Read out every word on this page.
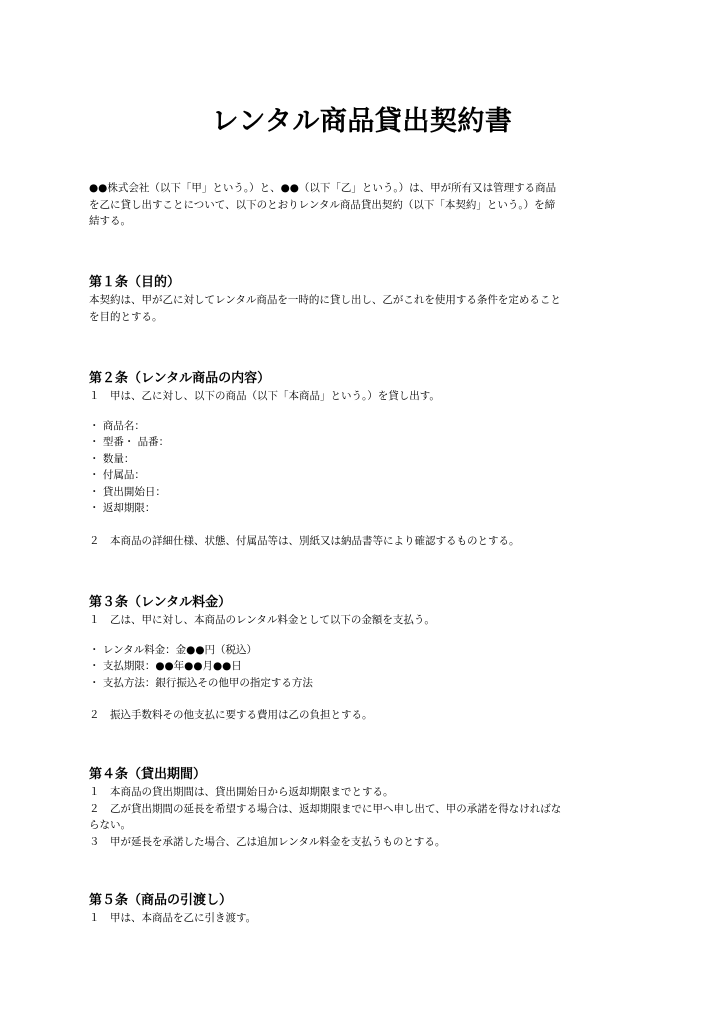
レンタル商品貸出契約書
●●株式会社（以下「甲」という。）と、●●（以下「乙」という。）は、甲が所有又は管理する商品
を乙に貸し出すことについて、以下のとおりレンタル商品貸出契約（以下「本契約」という。）を締
結する。
第１条（目的）
本契約は、甲が乙に対してレンタル商品を一時的に貸し出し、乙がこれを使用する条件を定めること
を目的とする。
第２条（レンタル商品の内容）
１　甲は、乙に対し、以下の商品（以下「本商品」という。）を貸し出す。
・ 商品名：
・ 型番・ 品番：
・ 数量：
・ 付属品：
・ 貸出開始日：
・ 返却期限：
２　本商品の詳細仕様、状態、付属品等は、別紙又は納品書等により確認するものとする。
第３条（レンタル料金）
１　乙は、甲に対し、本商品のレンタル料金として以下の金額を支払う。
・ レンタル料金：金●●円（税込）
・ 支払期限：●●年●●月●●日
・ 支払方法：銀行振込その他甲の指定する方法
２　振込手数料その他支払に要する費用は乙の負担とする。
第４条（貸出期間）
１　本商品の貸出期間は、貸出開始日から返却期限までとする。
２　乙が貸出期間の延長を希望する場合は、返却期限までに甲へ申し出て、甲の承諾を得なければな
らない。
３　甲が延長を承諾した場合、乙は追加レンタル料金を支払うものとする。
第５条（商品の引渡し）
１　甲は、本商品を乙に引き渡す。
